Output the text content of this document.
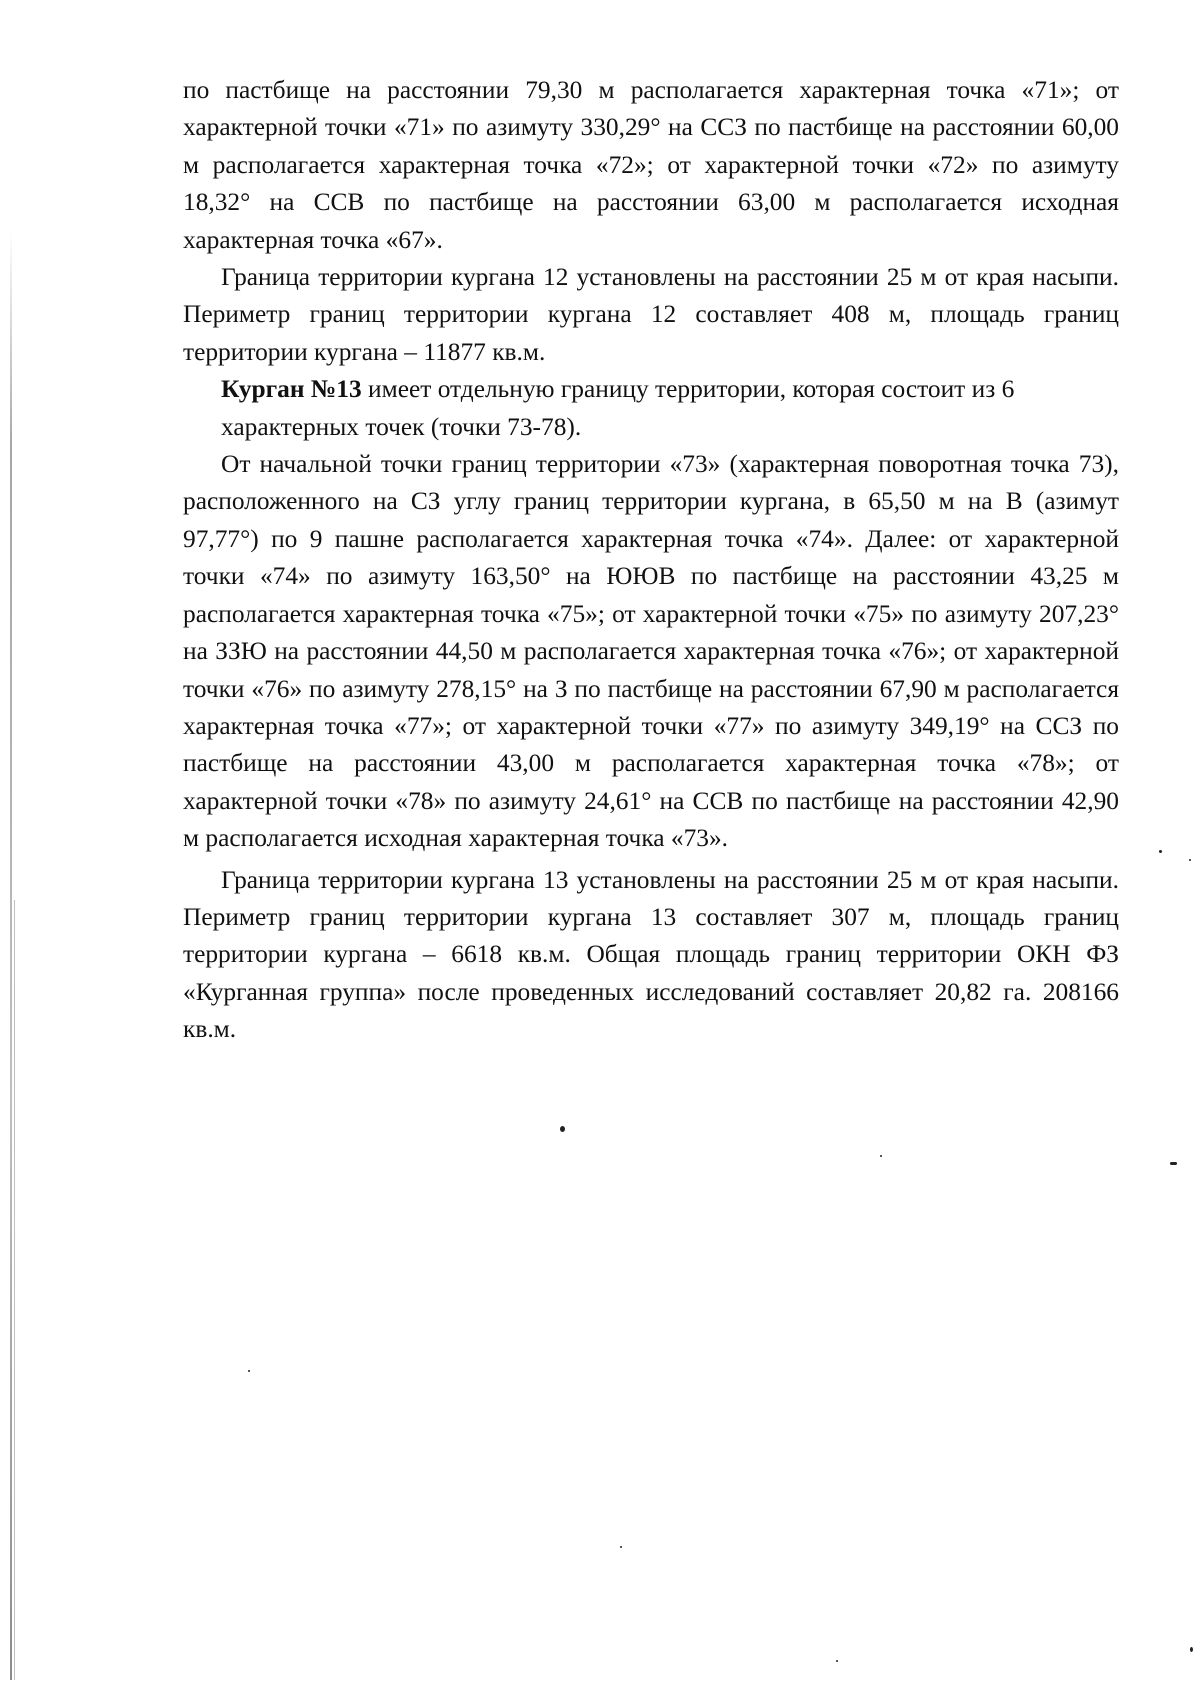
по пастбище на расстоянии 79,30 м располагается характерная точка «71»; от характерной точки «71» по азимуту 330,29° на ССЗ по пастбище на расстоянии 60,00 м располагается характерная точка «72»; от характерной точки «72» по азимуту 18,32° на ССВ по пастбище на расстоянии 63,00 м располагается исходная характерная точка «67».

Граница территории кургана 12 установлены на расстоянии 25 м от края насыпи. Периметр границ территории кургана 12 составляет 408 м, площадь границ территории кургана – 11877 кв.м.

Курган №13 имеет отдельную границу территории, которая состоит из 6 характерных точек (точки 73-78).

От начальной точки границ территории «73» (характерная поворотная точка 73), расположенного на СЗ углу границ территории кургана, в 65,50 м на В (азимут 97,77°) по 9 пашне располагается характерная точка «74». Далее: от характерной точки «74» по азимуту 163,50° на ЮЮВ по пастбище на расстоянии 43,25 м располагается характерная точка «75»; от характерной точки «75» по азимуту 207,23° на ЗЗЮ на расстоянии 44,50 м располагается характерная точка «76»; от характерной точки «76» по азимуту 278,15° на З по пастбище на расстоянии 67,90 м располагается характерная точка «77»; от характерной точки «77» по азимуту 349,19° на ССЗ по пастбище на расстоянии 43,00 м располагается характерная точка «78»; от характерной точки «78» по азимуту 24,61° на ССВ по пастбище на расстоянии 42,90 м располагается исходная характерная точка «73».

Граница территории кургана 13 установлены на расстоянии 25 м от края насыпи. Периметр границ территории кургана 13 составляет 307 м, площадь границ территории кургана – 6618 кв.м. Общая площадь границ территории ОКН ФЗ «Курганная группа» после проведенных исследований составляет 20,82 га. 208166 кв.м.
